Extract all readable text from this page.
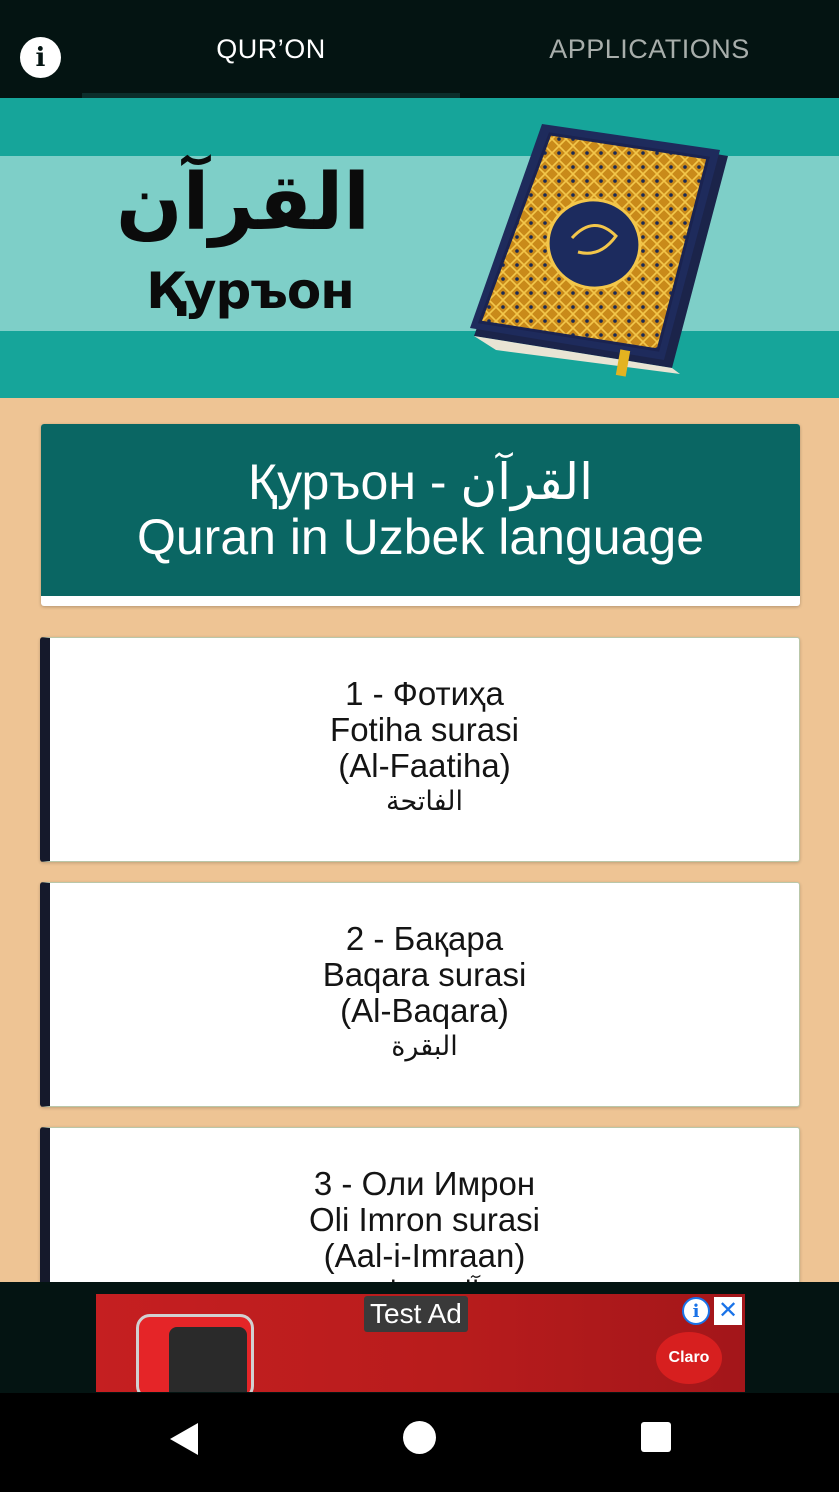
i	QUR’ON	APPLICATIONS
القرآن
Қуръон
Қуръон - القرآن
Quran in Uzbek language
1 - Фотиҳа
Fotiha surasi
(Al-Faatiha)
الفاتحة
2 - Бақара
Baqara surasi
(Al-Baqara)
البقرة
3 - Оли Имрон
Oli Imron surasi
(Aal-i-Imraan)
Test Ad	i ✕
Claro
